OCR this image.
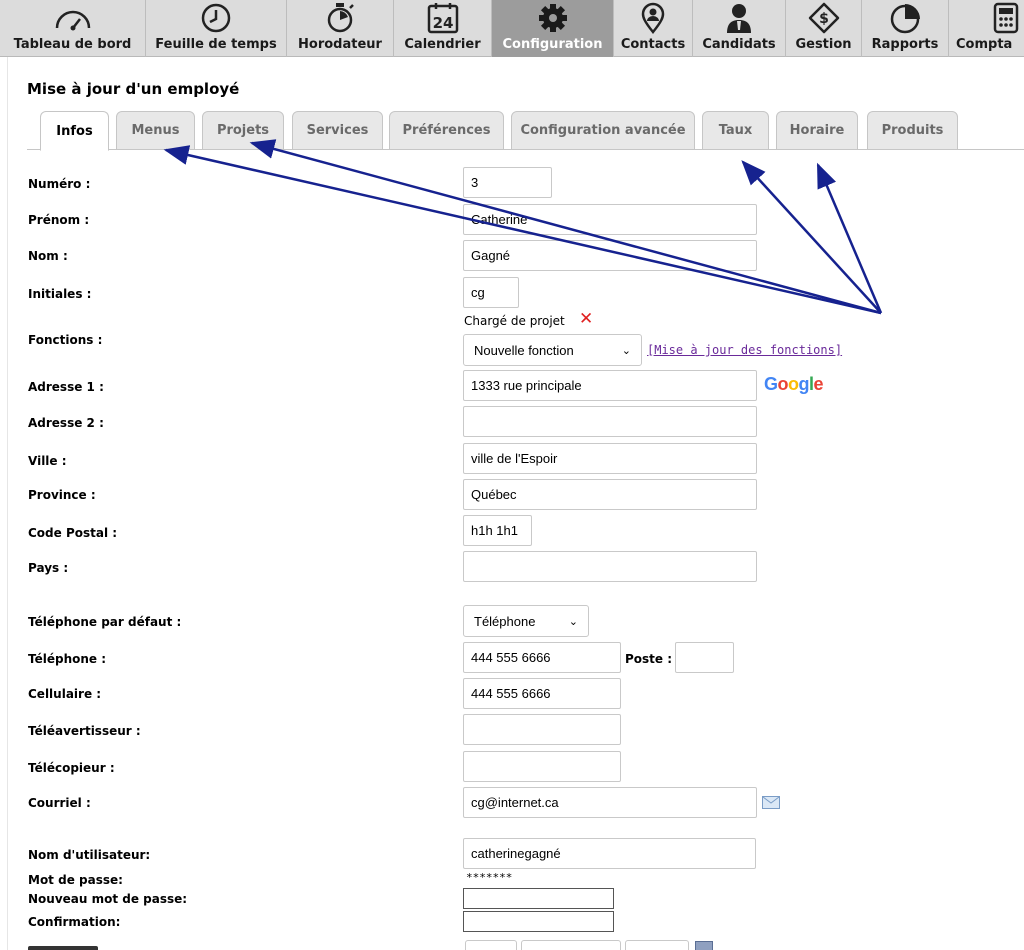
Tableau de bord Feuille de temps Horodateur
24
Calendrier Configuration Contacts Candidats
$
Gestion Rapports Compta
Mise à jour d'un employé
Infos	Menus	Projets	Services	Préférences	Configuration avancée	Taux	Horaire	Produits
Numéro :
3
Prénom :
Catherine
Nom :
Gagné
Initiales :
cg
Fonctions :
Chargé de projet ✕
Nouvelle fonction	⌄ [Mise à jour des fonctions]
Adresse 1 :
1333 rue principale	Google
Adresse 2 :
Ville :
ville de l'Espoir
Province :
Québec
Code Postal :
h1h 1h1
Pays :
Téléphone par défaut :	Téléphone	⌄
Téléphone :
444 555 6666	Poste :
Cellulaire :
444 555 6666
Téléavertisseur :
Télécopieur :
Courriel :
cg@internet.ca
Nom d'utilisateur:
catherinegagné
Mot de passe:	*******
Nouveau mot de passe:
Confirmation:
